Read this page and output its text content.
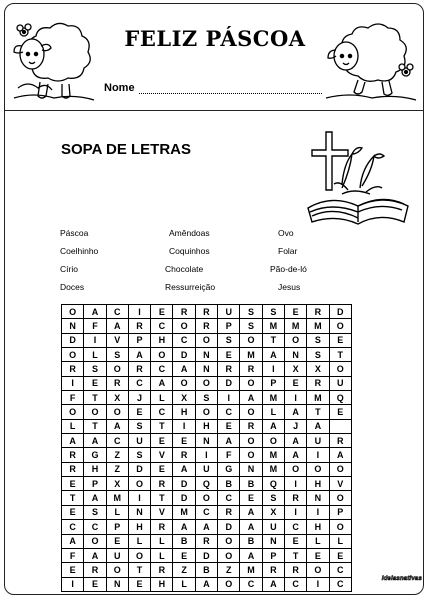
FELIZ PÁSCOA
Nome
SOPA DE LETRAS
Páscoa	Amêndoas	Ovo
Coelhinho	Coquinhos	Folar
Círio	Chocolate	Pão-de-ló
Doces	Ressurreição	Jesus
O	A	C	I	E	R	R	U	S	S	E	R	D
N	F	A	R	C	O	R	P	S	M	M	M	O
D	I	V	P	H	C	O	S	O	T	O	S	E
O	L	S	A	O	D	N	E	M	A	N	S	T
R	S	O	R	C	A	N	R	R	I	X	X	O
I	E	R	C	A	O	O	D	O	P	E	R	U
F	T	X	J	L	X	S	I	A	M	I	M	Q
O	O	O	E	C	H	O	C	O	L	A	T	E
L	T	A	S	T	I	H	E	R	A	J	A
A	A	C	U	E	E	N	A	O	O	A	U	R
R	G	Z	S	V	R	I	F	O	M	A	I	A
R	H	Z	D	E	A	U	G	N	M	O	O	O
E	P	X	O	R	D	Q	B	B	Q	I	H	V
T	A	M	I	T	D	O	C	E	S	R	N	O
E	S	L	N	V	M	C	R	A	X	I	I	P
C	C	P	H	R	A	A	D	A	U	C	H	O
A	O	E	L	L	B	R	O	B	N	E	L	L
F	A	U	O	L	E	D	O	A	P	T	E	E
E	R	O	T	R	Z	B	Z	M	R	R	O	C
I	E	N	E	H	L	A	O	C	A	C	I	C
ideiasnativas
